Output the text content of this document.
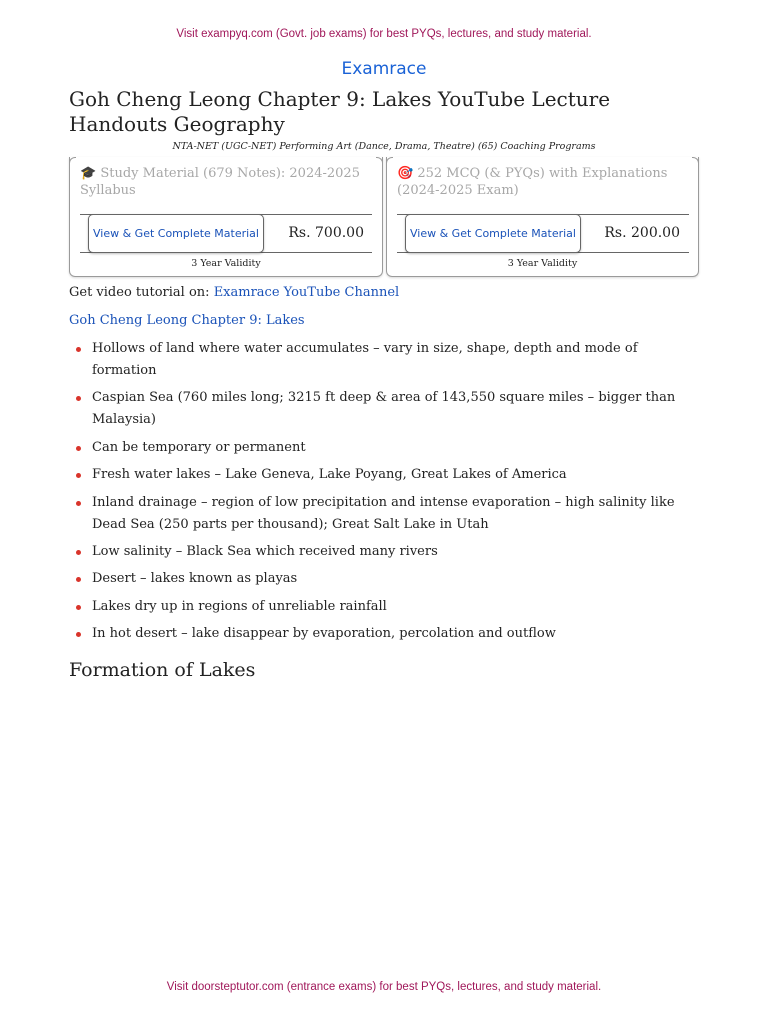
Visit exampyq.com (Govt. job exams) for best PYQs, lectures, and study material.
Examrace
Goh Cheng Leong Chapter 9: Lakes YouTube Lecture Handouts Geography
NTA-NET (UGC-NET) Performing Art (Dance, Drama, Theatre) (65) Coaching Programs
🎓 Study Material (679 Notes): 2024-2025 Syllabus
View & Get Complete Material	Rs. 700.00
3 Year Validity
🎯 252 MCQ (& PYQs) with Explanations (2024-2025 Exam)
View & Get Complete Material	Rs. 200.00
3 Year Validity
Get video tutorial on: Examrace YouTube Channel
Goh Cheng Leong Chapter 9: Lakes
Hollows of land where water accumulates – vary in size, shape, depth and mode of formation
Caspian Sea (760 miles long; 3215 ft deep & area of 143,550 square miles – bigger than Malaysia)
Can be temporary or permanent
Fresh water lakes – Lake Geneva, Lake Poyang, Great Lakes of America
Inland drainage – region of low precipitation and intense evaporation – high salinity like Dead Sea (250 parts per thousand); Great Salt Lake in Utah
Low salinity – Black Sea which received many rivers
Desert – lakes known as playas
Lakes dry up in regions of unreliable rainfall
In hot desert – lake disappear by evaporation, percolation and outflow
Formation of Lakes
Visit doorsteptutor.com (entrance exams) for best PYQs, lectures, and study material.
